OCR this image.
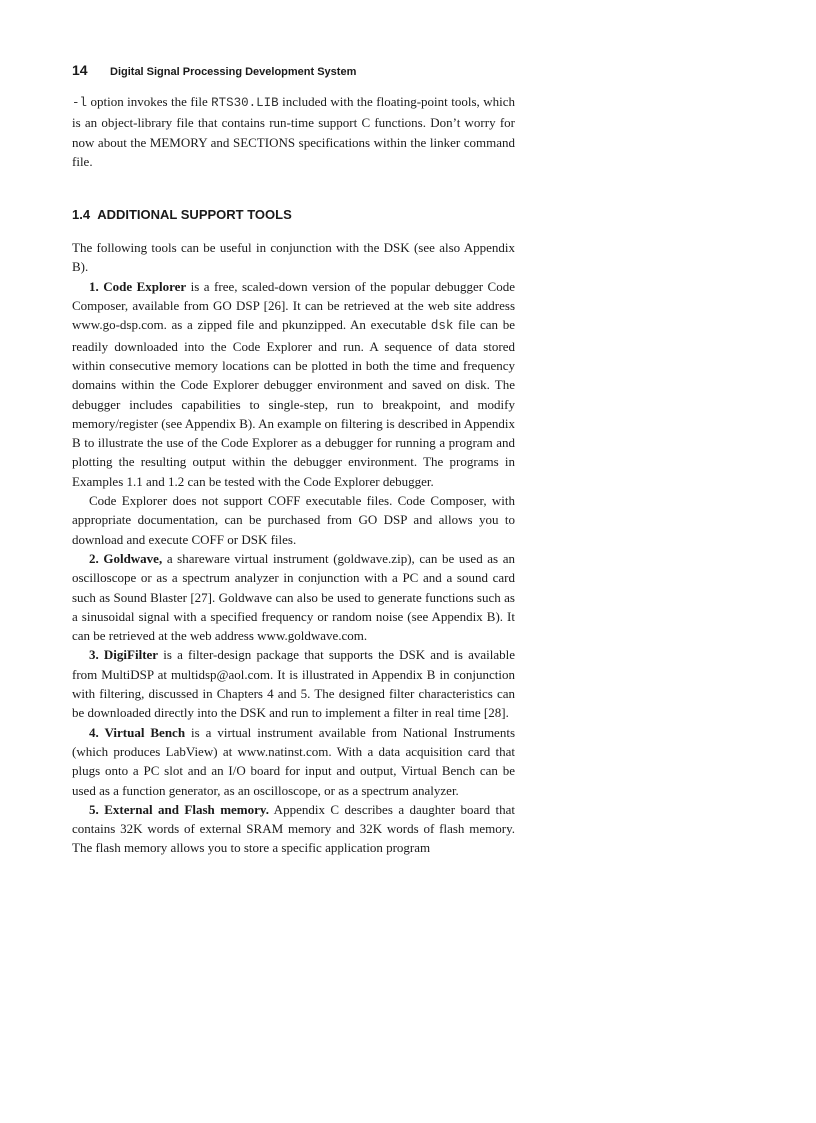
14	Digital Signal Processing Development System

-l option invokes the file RTS30.LIB included with the floating-point tools, which is an object-library file that contains run-time support C functions. Don’t worry for now about the MEMORY and SECTIONS specifications within the linker command file.

1.4 ADDITIONAL SUPPORT TOOLS

The following tools can be useful in conjunction with the DSK (see also Appendix B).

1. Code Explorer is a free, scaled-down version of the popular debugger Code Composer, available from GO DSP [26]. It can be retrieved at the web site address www.go-dsp.com. as a zipped file and pkunzipped. An executable dsk file can be readily downloaded into the Code Explorer and run. A sequence of data stored within consecutive memory locations can be plotted in both the time and frequency domains within the Code Explorer debugger environment and saved on disk. The debugger includes capabilities to single-step, run to breakpoint, and modify memory/register (see Appendix B). An example on filtering is described in Appendix B to illustrate the use of the Code Explorer as a debugger for running a program and plotting the resulting output within the debugger environment. The programs in Examples 1.1 and 1.2 can be tested with the Code Explorer debugger.

Code Explorer does not support COFF executable files. Code Composer, with appropriate documentation, can be purchased from GO DSP and allows you to download and execute COFF or DSK files.

2. Goldwave, a shareware virtual instrument (goldwave.zip), can be used as an oscilloscope or as a spectrum analyzer in conjunction with a PC and a sound card such as Sound Blaster [27]. Goldwave can also be used to generate functions such as a sinusoidal signal with a specified frequency or random noise (see Appendix B). It can be retrieved at the web address www.goldwave.com.

3. DigiFilter is a filter-design package that supports the DSK and is available from MultiDSP at multidsp@aol.com. It is illustrated in Appendix B in conjunction with filtering, discussed in Chapters 4 and 5. The designed filter characteristics can be downloaded directly into the DSK and run to implement a filter in real time [28].

4. Virtual Bench is a virtual instrument available from National Instruments (which produces LabView) at www.natinst.com. With a data acquisition card that plugs onto a PC slot and an I/O board for input and output, Virtual Bench can be used as a function generator, as an oscilloscope, or as a spectrum analyzer.

5. External and Flash memory. Appendix C describes a daughter board that contains 32K words of external SRAM memory and 32K words of flash memory. The flash memory allows you to store a specific application program
